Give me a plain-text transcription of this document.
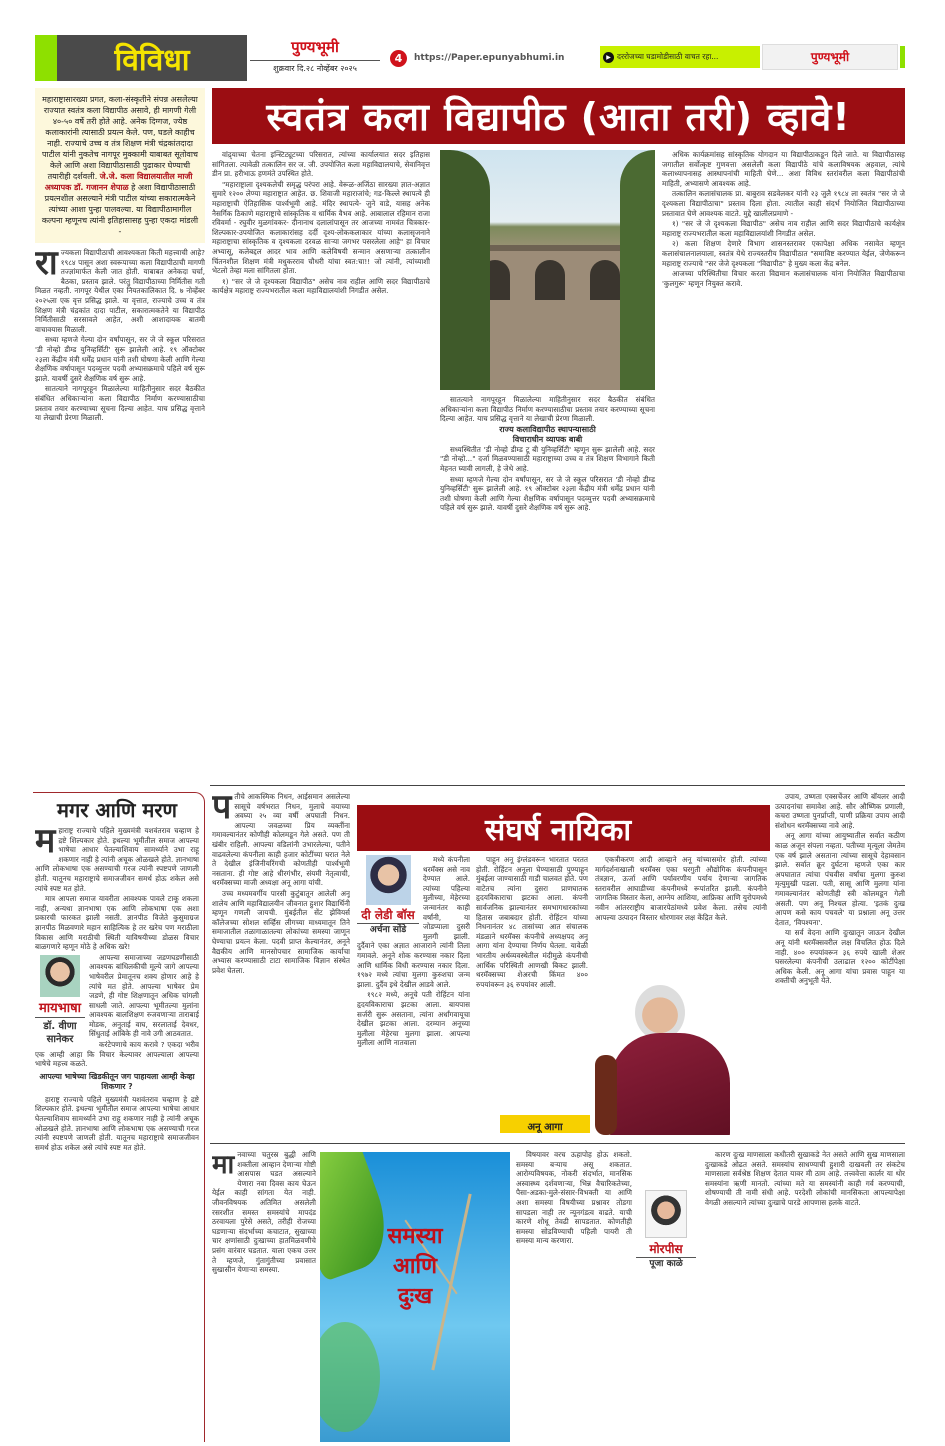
विविधा	पुण्यभूमी
शुक्रवार दि.२८ नोव्हेंबर २०२५
4	https://Paper.epunyabhumi.in	▶ दररोजच्या घडामोडीसाठी वाचत रहा...	पुण्यभूमी
स्वतंत्र कला विद्यापीठ (आता तरी) व्हावे!
महाराष्ट्रासारख्या प्रगत, कला-संस्कृतीने संपन्न असलेल्या राज्यात स्वतंत्र कला विद्यापीठ असावे, ही मागणी गेली ४०-५० वर्षे तरी होते आहे. अनेक दिग्गज, ज्येष्ठ कलाकारांनी त्यासाठी प्रयत्न केले. पण, घडले काहीच नाही. राज्याचे उच्च व तंत्र शिक्षण मंत्री चंद्रकांतदादा पाटील यांनी नुकतेच नागपूर मुक्कामी याबाबत सूतोवाच केले आणि अशा विद्यापीठासाठी पुढाकार घेण्याची तयारीही दर्शवली. जे.जे. कला विद्यालयातील माजी अध्यापक डॉ. गजानन शेपाळ हे अशा विद्यापीठासाठी प्रयत्नशील असल्याने मंत्री पाटील यांच्या सकारात्मकेने त्यांच्या आशा पुन्हा पालवल्या. या विद्यापीठामागील कल्पना म्हणूनच त्यांनी इतिहासासह पुन्हा एकदा मांडली -
रा ज्यकला विद्यापीठाची आवश्यकता किती महत्त्वाची आहे? १९८४ पासून अशा स्वरूपाच्या कला विद्यापीठाची मागणी तज्ज्ञांमार्फत केली जात होती. याबाबत अनेकदा चर्चा, बैठका, प्रस्ताव झाले. परंतु विद्यापीठाच्या निर्मितीस गती मिळत नव्हती. नागपूर येथील एका नियतकालिकात दि. ७ नोव्हेंबर २०२५ला एक वृत्त प्रसिद्ध झाले. या वृत्तात, राज्याचे उच्च व तंत्र शिक्षण मंत्री चंद्रकांत दादा पाटील, सकारात्मकतेने या विद्यापीठ निर्मितीसाठी सरसावले आहेत, अशी आशादायक बातमी वाचावयास मिळाली.

सध्या म्हणजे गेल्या दोन वर्षांपासून, सर जे जे स्कूल परिसरात 'डी नोव्हो डीम्ड युनिव्हर्सिटी' सुरू झालेली आहे. १९ ऑक्टोबर २३ला केंद्रीय मंत्री धर्मेंद्र प्रधान यांनी तशी घोषणा केली आणि गेल्या शैक्षणिक वर्षापासून पदव्युत्तर पदवी अभ्यासक्रमाचे पहिले वर्ष सुरू झाले. यावर्षी दुसरे शैक्षणिक वर्ष सुरू आहे.

सातत्याने नागपूरहून मिळालेल्या माहितीनुसार सदर बैठकीत संबंधित अधिकाऱ्यांना कला विद्यापीठ निर्माण करण्यासाठीचा प्रस्ताव तयार करण्याच्या सूचना दिल्या आहेत. याच प्रसिद्ध वृत्ताने या लेखाची प्रेरणा मिळाली.

वांद्र्याच्या चेतना इन्स्टिट्यूटच्या परिसरात, त्यांच्या कार्यालयात सदर इतिहास सांगितला. त्यावेळी तत्कालिन सर ज. जी. उपयोजित कला महाविद्यालयाचे, सेवानिवृत्त डीन प्रा. हरीभाऊ हणमंते उपस्थित होते.

"महाराष्ट्राला दृश्यकलेची समृद्ध परंपरा आहे. वेरूळ-अजिंठा सारख्या ज्ञात-अज्ञात सुमारे १२०० लेण्या महाराष्ट्रात आहेत. छ. शिवाजी महाराजांचे; गड-किल्ले स्थापत्ये ही महाराष्ट्राची ऐतिहासिक पार्श्वभूमी आहे. मंदिर स्थापत्ये- जुने वाडे, यासह अनेक नैसर्गिक ठिकाणे महाराष्ट्राचे सांस्कृतिक व धार्मिक वैभव आहे. आबालाल रहिमान राजा रविवर्मा - रघुवीर मुळगांवकर- दीनानाथ दलालांपासून तर आजच्या नामवंत चित्रकार-शिल्पकार-उपयोजित कलाकारांसह दर्दी दृश्य-लोककलाकार यांच्या कलासृजनाने महाराष्ट्राचा सांस्कृतिक व दृश्यकला दरवळ साऱ्या जगभर पसरलेला आहे" हा विचार अभ्यासू, कलेबद्दल आदर भाव आणि कलेविषयी सन्मान असणाऱ्या तत्कालीन चिंतनशील शिक्षण मंत्री मधुकरराव चौधरी यांचा स्वत:चा!! जो त्यांनी, त्यांच्याशी भेटलो तेव्हा मला सांगितला होता.

१) "सर जे जे दृश्यकला विद्यापीठ" असेच नाव राहील आणि सदर विद्यापीठाचे कार्यक्षेत्र महाराष्ट्र राज्यभरातील कला महाविद्यालयांशी निगडीत असेल.

सातत्याने नागपूरहून मिळालेल्या माहितीनुसार सदर बैठकीत संबंधित अधिकाऱ्यांना कला विद्यापीठ निर्माण करण्यासाठीचा प्रस्ताव तयार करण्याच्या सूचना दिल्या आहेत. याच प्रसिद्ध वृत्ताने या लेखाची प्रेरणा मिळाली.

राज्य कलाविद्यापीठ स्थापन्यासाठी
विचाराधीन व्यापक बाबी

सध्यस्थितीत 'डी नोव्हो डीम्ड टू बी युनिव्हर्सिटी' म्हणून सुरू झालेली आहे. सदर "डी नोव्हो..." दर्जा मिळवण्यासाठी महाराष्ट्राच्या उच्च व तंत्र शिक्षण विभागाने किती मेहनत घ्यावी लागली, हे जेथे आहे.

सध्या म्हणजे गेल्या दोन वर्षांपासून, सर जे जे स्कूल परिसरात 'डी नोव्हो डीम्ड युनिव्हर्सिटी' सुरू झालेली आहे. १९ ऑक्टोबर २३ला केंद्रीय मंत्री धर्मेंद्र प्रधान यांनी तशी घोषणा केली आणि गेल्या शैक्षणिक वर्षापासून पदव्युत्तर पदवी अभ्यासक्रमाचे पहिले वर्ष सुरू झाले. यावर्षी दुसरे शैक्षणिक वर्ष सुरू आहे.

अधिक कार्यक्रमांसह सांस्कृतिक योगदान या विद्यापीठाकडून दिले जाते. या विद्यापीठासह जगातील सर्वोत्कृष्ट गुणवत्ता असलेली कला विद्यापीठे यांचे कलाविषयक अहवाल, त्यांचे कलाध्यापनासह आस्थापनांची माहिती घेणे... अशा विविध स्तरांवरील कला विद्यापीठांची माहिती, अभ्यासणे आवश्यक आहे.

तत्कालिन कलासंचालक प्रा. बाबुराव सडवेलकर यांनी २३ जुलै १९८४ ला स्वतंत्र "सर जे जे दृश्यकला विद्यापीठाचा" प्रस्ताव दिला होता. त्यातील काही संदर्भ नियोजित विद्यापीठाच्या प्रस्तावात घेणे आवश्यक वाटते. मुद्दे खालीलप्रमाणे -

१) "सर जे जे दृश्यकला विद्यापीठ" असेच नाव राहील आणि सदर विद्यापीठाचे कार्यक्षेत्र महाराष्ट्र राज्यभरातील कला महाविद्यालयांशी निगडीत असेल.

२) कला शिक्षण देणारे विभाग शासनस्तरावर एकापेक्षा अधिक नसावेत म्हणून कलासंचालनालयाला, स्वतंत्र येथे राज्यस्तरीय विद्यापीठात "समाविष्ट करण्यात येईल, जेणेकरून महाराष्ट्र राज्याचे "सर जेजे दृश्यकला "विद्यापीठ" हे मुख्य कला केंद्र बनेल.

आजच्या परिस्थितीचा विचार करता विद्यमान कलासंचालक यांना नियोजित विद्यापीठाचा 'कुलगुरू' म्हणून नियुक्त करावे.

मगर आणि मरण
म हाराष्ट्र राज्याचे पहिले मुख्यमंत्री यशवंतराव चव्हाण हे द्रष्टे शिल्पकार होते. इथल्या भूमीतील समाज आपल्या भाषेचा आधार घेतल्याशिवाय सामर्थ्याने उभा राहू शकणार नाही हे त्यांनी अचूक ओळखले होते. ज्ञानभाषा आणि लोकभाषा एक असण्याची गरज त्यांनी स्पष्टपणे जाणली होती. यातूनच महाराष्ट्राचे समाजजीवन समर्थ होऊ शकेल असे त्यांचे स्पष्ट मत होते.

मात्र आपला समाज यावरीता आवश्यक पावले टाकू शकला नाही, अन्यथा ज्ञानभाषा एक आणि लोकभाषा एक अशा प्रकारची फारकत झाली नसती. ज्ञानपीठ विजेते कुसुमाग्रज ज्ञानपीठ मिळवणारे महान साहित्यिक हे तर खरेच पण मराठीला विकास आणि मराठीची स्थिती याविषयीच्या डोळस विचार बाळगणारे म्हणून मोठे हे अधिक खरे!

मायभाषा
डॉ. वीणा सानेकर

आपल्या समाजाच्या जडणघडणीसाठी आवश्यक बांधिलकीची मूल्ये जागे आपल्या भाषेवरील प्रेमातूनच शक्य होणार आहे हे त्यांचे मत होते. आपल्या भाषेवर प्रेम जडणे, ही गोष्ट शिक्षणातून अधिक चांगली साधली जाते. आपल्या भूमीतल्या मुलांना आवश्यक बालशिक्षण रुजवणाऱ्या ताराबाई मोडक, अनुताई वाघ, सरलाताई देवधर, सिंधुताई आंबिके ही नावे उगी आठवतात.

करंटेपणाचे काय करावे ? एकदा भरीव एक आम्ही आहा कि विचार केल्यावर आपल्याला आपल्या भाषेचे महत्त्व कळते.

आपल्या भाषेच्या खिडकीतून जग पाहायला आम्ही केव्हा शिकणार ?

हाराष्ट्र राज्याचे पहिले मुख्यमंत्री यशवंतराव चव्हाण हे द्रष्टे शिल्पकार होते. इथल्या भूमीतील समाज आपल्या भाषेचा आधार घेतल्याशिवाय सामर्थ्याने उभा राहू शकणार नाही हे त्यांनी अचूक ओळखले होते. ज्ञानभाषा आणि लोकभाषा एक असण्याची गरज त्यांनी स्पष्टपणे जाणली होती. यातूनच महाराष्ट्राचे समाजजीवन समर्थ होऊ शकेल असे त्यांचे स्पष्ट मत होते.

प तीचे आकस्मिक निधन, आईसमान असलेल्या सासूचे वर्षभरात निधन, मुलाचे वयाच्या अवघ्या २५ व्या वर्षी अपघाती निधन. आपल्या जवळच्या प्रिय व्यक्तींना गमावल्यानंतर कोणीही कोलमडून गेले असते. पण ती खंबीर राहिली. आपल्या वडिलांनी उभारलेल्या, पतीने वाढवलेल्या कंपनीला काही हजार कोटींच्या घरात नेले ते देखील इंजिनीयरिंगची कोणतीही पार्श्वभूमी नसताना. ही गोष्ट आहे धीरगंभीर, संयमी नेतृत्वाची, थरमॅक्सच्या माजी अध्यक्षा अनू आगा यांची.

उच्च मध्यमवर्गीय पारसी कुटुंबातून आलेली अनू शालेय आणि महाविद्यालयीन जीवनात हुशार विद्यार्थिनी म्हणून गणली जायची. मुंबईतील सेंट झेवियर्स कॉलेजच्या सोशल सर्व्हिस लीगच्या माध्यमातून तिने समाजातील तळागाळातल्या लोकांच्या समस्या जाणून घेण्याचा प्रयत्न केला. पदवी प्राप्त केल्यानंतर, अनूने वैद्यकीय आणि मानसोपचार सामाजिक कार्याचा अभ्यास करण्यासाठी टाटा सामाजिक विज्ञान संस्थेत प्रवेश घेतला.

संघर्ष नायिका
दी लेडी बॉस
अर्चना सोंडे

मध्ये कंपनीला थरमॅक्स असे नाव देण्यात आले. त्यांच्या पहिल्या मुलीच्या, मेहेरच्या जन्मानंतर काही वर्षांनी, या जोडप्याला दुसरी मुलगी झाली. दुर्दैवाने एका अज्ञात आजाराने त्यांनी तिला गमावले. अनूने शोक करण्यास नकार दिला आणि धार्मिक विधी करण्यास नकार दिला. १९७२ मध्ये त्यांचा मुलगा कुरुशचा जन्म झाला. दुर्दैव इथे देखील आडवे आले.

१९८२ मध्ये, अनूचे पती रोहिंटन यांना हृदयविकाराचा झटका आला. बायपास सर्जरी सुरू असताना, त्यांना अर्धांगवायूचा देखील झटका आला. दरम्यान अनूच्या मुलीला मेहेरचा मुलगा झाला. आपल्या मुलीला आणि नातवाला

पाहून अनू इंग्लंडवरून भारतात परतत होती. रोहिंटन अनूला घेण्यासाठी पुण्याहून मुंबईला जाण्यासाठी गाडी चालवत होते. पण वाटेतच त्यांना दुसरा प्राणघातक हृदयविकाराचा झटका आला. कंपनी सार्वजनिक झाल्यानंतर समभागधारकांच्या हितास जबाबदार होती. रोहिंटन यांच्या निधनानंतर ४८ तासांच्या आत संचालक मंडळाने थरमॅक्स कंपनीचे अध्यक्षपद अनू आगा यांना देण्याचा निर्णय घेतला. यावेळी भारतीय अर्थव्यवस्थेतील मंदीमुळे कंपनीची आर्थिक परिस्थिती आणखी बिकट झाली. थरमॅक्सच्या शेअरची किंमत ४०० रुपयांवरून ३६ रुपयांवर आली.

अनू आगा

एकत्रीकरण आदी आव्हाने अनू यांच्यासमोर होती. त्यांच्या मार्गदर्शनाखाली थरमॅक्स एका घरगुती औद्योगिक कंपनीपासून तंत्रज्ञान, ऊर्जा आणि पर्यावरणीय पर्याय देणाऱ्या जागतिक स्तरावरील आघाडीच्या कंपनीमध्ये रूपांतरित झाली. कंपनीने जागतिक विस्तार केला, आग्नेय आशिया, आफ्रिका आणि युरोपमध्ये नवीन आंतरराष्ट्रीय बाजारपेठांमध्ये प्रवेश केला. तसेच त्यांनी आपल्या उत्पादन विस्तार धोरणावर लक्ष केंद्रित केले.

उपाय, उष्णता एक्सचेंजर आणि बॉयलर आदी उत्पादनांचा समावेश आहे. सौर औष्णिक प्रणाली, कचरा उष्णता पुनर्प्राप्ती, पाणी प्रक्रिया उपाय आदी संशोधन थरमॅक्सच्या नावे आहे.

अनू आगा यांच्या आयुष्यातील सर्वात कठीण काळ अजून संपला नव्हता. पतीच्या मृत्यूला जेमतेम एक वर्ष झाले असताना त्यांच्या सासूचे देहावसान झाले. सर्वात क्रूर दुर्घटना म्हणजे एका कार अपघातात त्यांचा पंचवीस वर्षांचा मुलगा कुरुश मृत्युमुखी पडला. पती, सासू आणि मुलगा यांना गमावल्यानंतर कोणतीही स्त्री कोलमडून गेली असती. पण अनू निश्चल होत्या. 'इतकं दुःख आपण कसे काय पचवले' या प्रश्नाला अनू उत्तर देतात, 'विपश्यना'.

या सर्व वेदना आणि दुःखातून जाऊन देखील अनू यांनी थरमॅक्सवरील लक्ष विचलित होऊ दिले नाही. ४०० रुपयांवरून ३६ रुपये खाली शेअर घसरलेल्या कंपनीची उलाढाल १२०० कोटींपेक्षा अधिक केली. अनू आगा यांचा प्रवास पाहून या शक्तीची अनुभूती येते.

मा नवाच्या चतुरस्र बुद्धी आणि शक्तीला आव्हान देणाऱ्या गोष्टी आसपास घडत असल्याने येणारा नवा दिवस काय घेऊन येईल काही सांगता येत नाही. जीवनविषयक अतिमित असलेली रसरशीत समस्त समस्यांचे मापदंड ठरवायला पुरेसे असते, तरीही रोजच्या घडणाऱ्या संदर्भाच्या कचाटात, सुखाच्या चार क्षणांसाठी दुःखाच्या हातमिळवणीचे प्रसंग वारंवार घडतात. याला एकच उत्तर ते म्हणजे, गुंतागुंतीच्या प्रवासात सुखासीन येणाऱ्या समस्या.

समस्या
आणि
दुःख
मोरपीस
पूजा काळे

विषयावर वरच ऊहापोह होऊ शकतो. समस्या बऱ्याच असू शकतात. आरोग्यविषयक, नोकरी संदर्भात, मानसिक अस्वास्थ्य दर्शवणाऱ्या, भिन्न वैचारिकतेच्या, पैसा-अडका-मुले-संसार-विभक्ती या आणि अशा समस्या विषयीच्या प्रश्नावर तोडगा सापडला नाही तर न्यूनगंडत्व वाढते. याची कारणे शोधू तेवढी सापडतात. कोणतीही समस्या सोडविण्याची पहिली पायरी ती समस्या मान्य करणारा.

कारण दुःख माणसाला कधीतरी सुखाकडे नेत असते आणि सुख माणसाला दुःखाकडे ओढत असते. समस्यांच साधण्याची हुशारी दाखवली तर संकटेच माणसाला सर्वश्रेष्ठ शिक्षण देतात यावर मी ठाम आहे. तत्त्ववेत्ता कार्लर या थोर समस्यांना ऋणी मानतो. त्यांच्या मते या समस्यांनी काही गर्व करण्याची, शोषण्याची ती नामी संधी आहे. परदेशी लोकांची मानसिकता आपल्यापेक्षा वेगळी असल्याने त्यांच्या दुःखाचे पारडे आपणास हलके वाटते.
